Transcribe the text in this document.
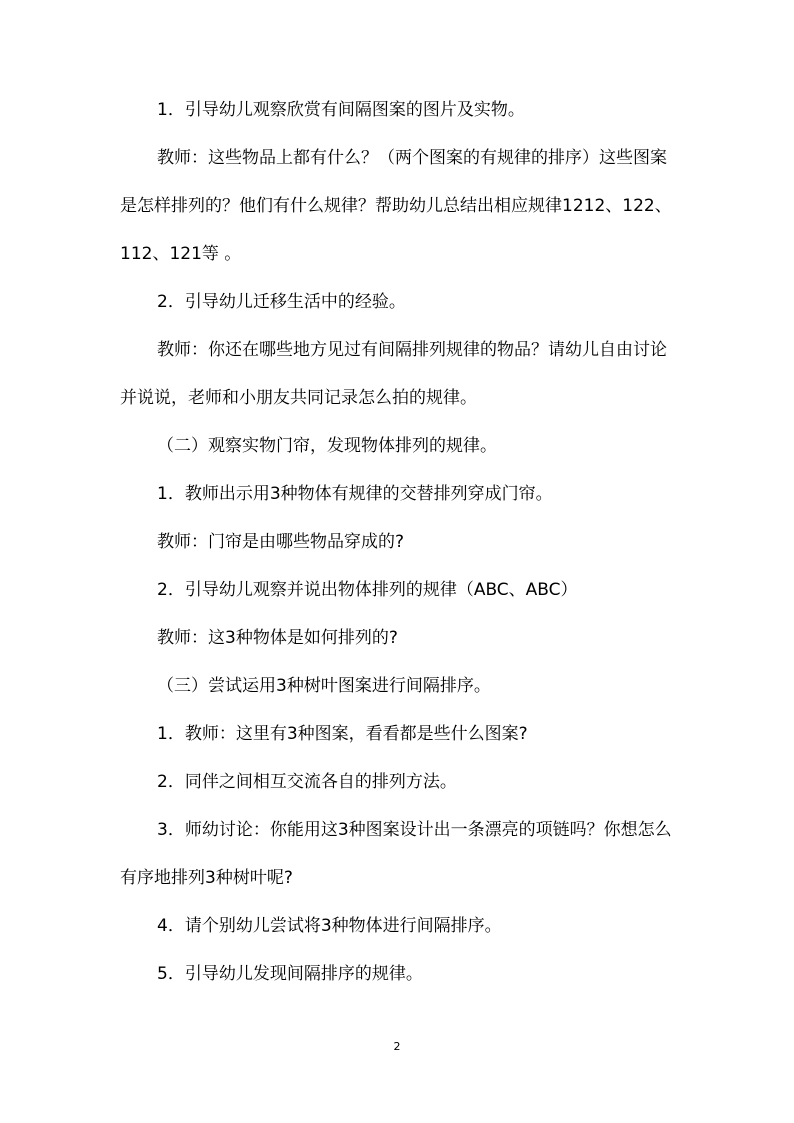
1．引导幼儿观察欣赏有间隔图案的图片及实物。

教师：这些物品上都有什么？（两个图案的有规律的排序）这些图案是怎样排列的？他们有什么规律？帮助幼儿总结出相应规律1212、122、112、121等 。

2．引导幼儿迁移生活中的经验。

教师：你还在哪些地方见过有间隔排列规律的物品？请幼儿自由讨论并说说，老师和小朋友共同记录怎么拍的规律。

（二）观察实物门帘，发现物体排列的规律。

1．教师出示用3种物体有规律的交替排列穿成门帘。

教师：门帘是由哪些物品穿成的?

2．引导幼儿观察并说出物体排列的规律（ABC、ABC）

教师：这3种物体是如何排列的?

（三）尝试运用3种树叶图案进行间隔排序。

1．教师：这里有3种图案，看看都是些什么图案?

2．同伴之间相互交流各自的排列方法。

3．师幼讨论：你能用这3种图案设计出一条漂亮的项链吗？你想怎么有序地排列3种树叶呢?

4．请个别幼儿尝试将3种物体进行间隔排序。

5．引导幼儿发现间隔排序的规律。

2
